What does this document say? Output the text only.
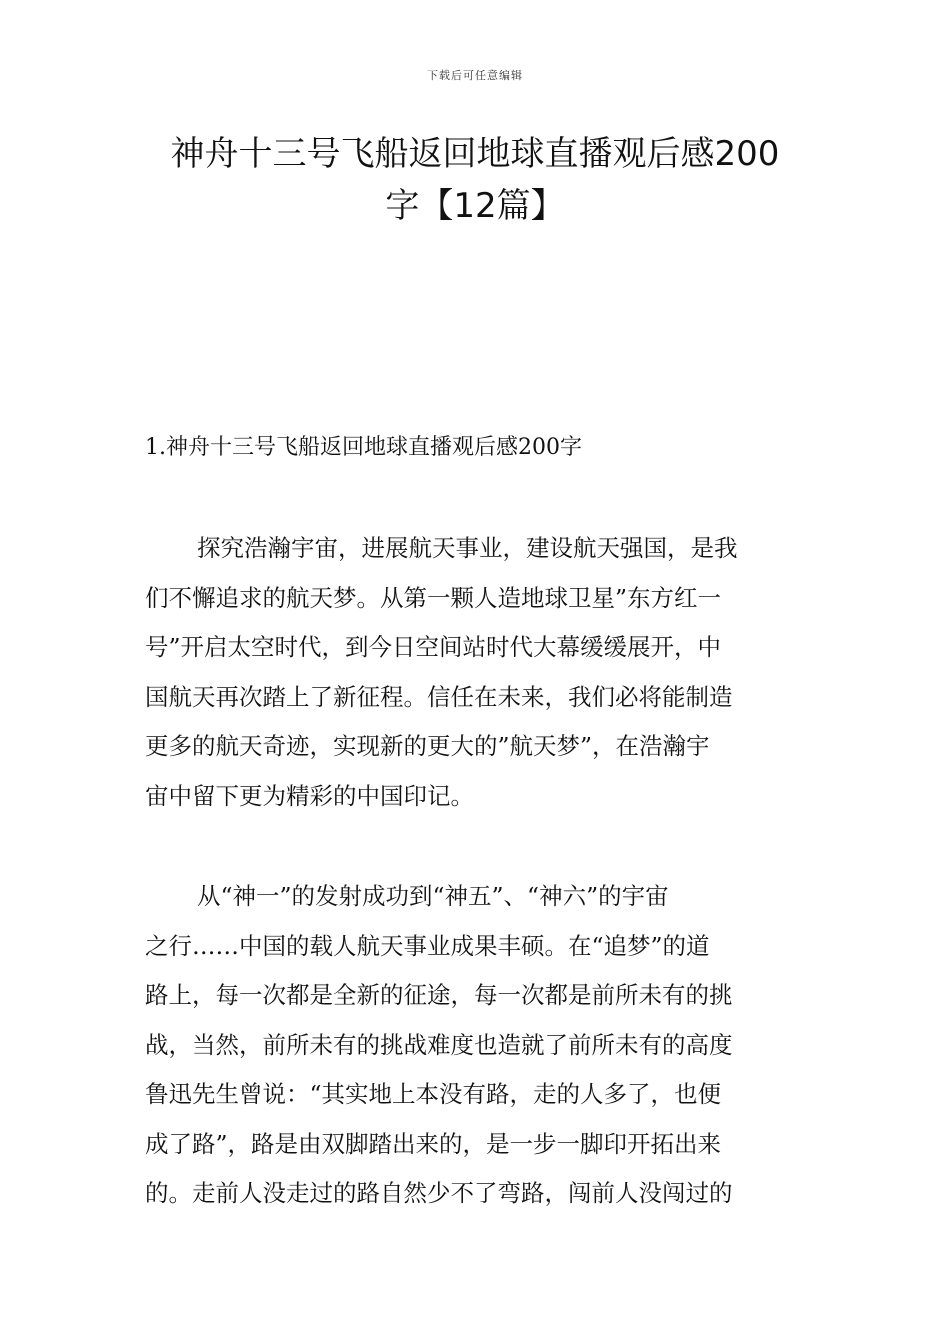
下载后可任意编辑
神舟十三号飞船返回地球直播观后感200
字【12篇】
1.神舟十三号飞船返回地球直播观后感200字
探究浩瀚宇宙，进展航天事业，建设航天强国，是我
们不懈追求的航天梦。从第一颗人造地球卫星”东方红一
号”开启太空时代，到今日空间站时代大幕缓缓展开，中
国航天再次踏上了新征程。信任在未来，我们必将能制造
更多的航天奇迹，实现新的更大的”航天梦”，在浩瀚宇
宙中留下更为精彩的中国印记。
从“神一”的发射成功到“神五”、“神六”的宇宙
之行……中国的载人航天事业成果丰硕。在“追梦”的道
路上，每一次都是全新的征途，每一次都是前所未有的挑
战，当然，前所未有的挑战难度也造就了前所未有的高度
鲁迅先生曾说：“其实地上本没有路，走的人多了，也便
成了路”，路是由双脚踏出来的，是一步一脚印开拓出来
的。走前人没走过的路自然少不了弯路，闯前人没闯过的
